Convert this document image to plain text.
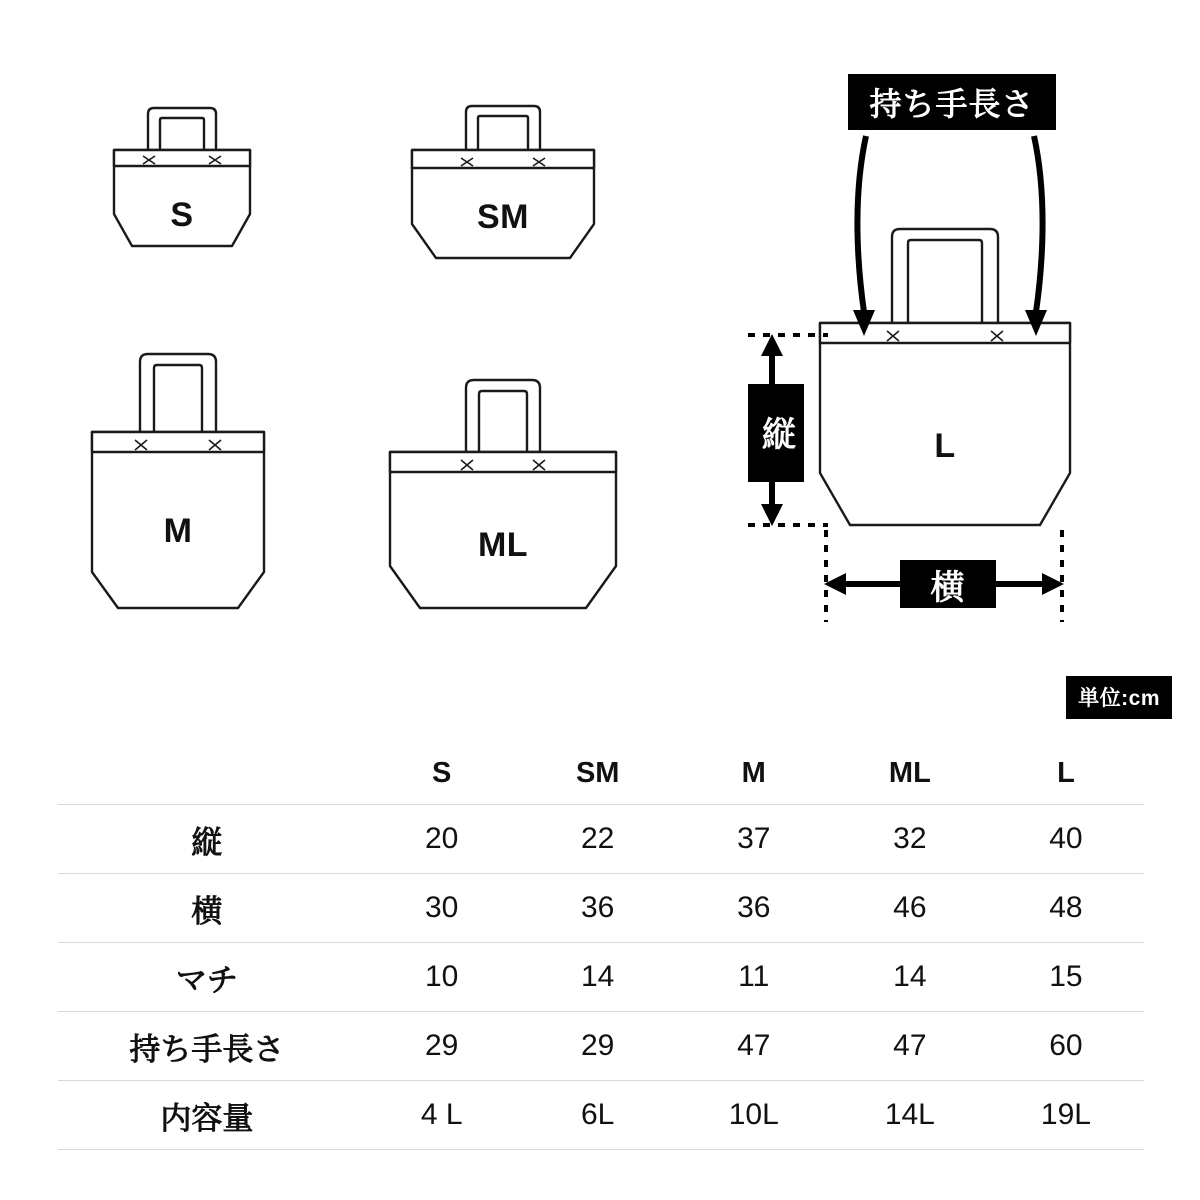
S	SM
M	ML
L
持ち手長さ
縦
横
単位:cm
	S	SM	M	ML	L
縦	20	22	37	32	40
横	30	36	36	46	48
マチ	10	14	11	14	15
持ち手長さ	29	29	47	47	60
内容量	4 L	6L	10L	14L	19L
